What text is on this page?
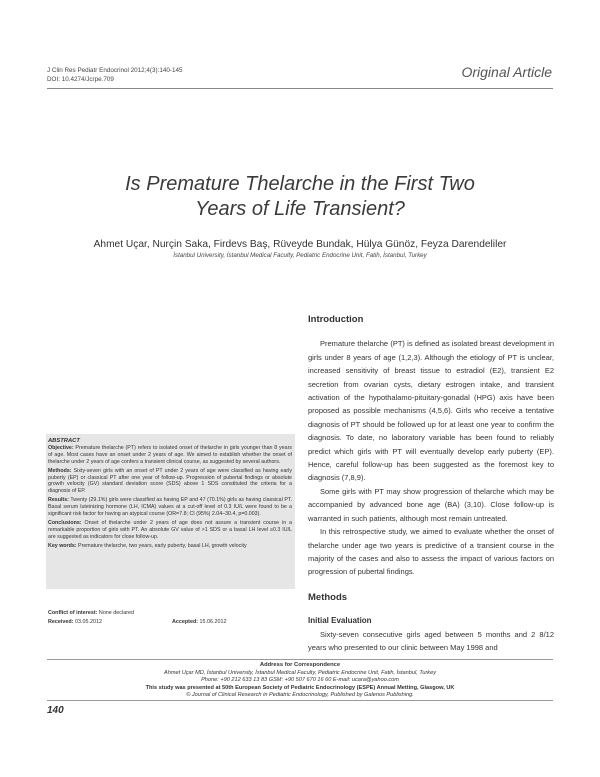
J Clin Res Pediatr Endocrinol 2012;4(3):140-145
DOI: 10.4274/Jcrpe.709	Original Article
Is Premature Thelarche in the First Two
Years of Life Transient?
Ahmet Uçar, Nurçin Saka, Firdevs Baş, Rüveyde Bundak, Hülya Günöz, Feyza Darendeliler
İstanbul University, İstanbul Medical Faculty, Pediatric Endocrine Unit, Fatih, İstanbul, Turkey
Introduction

Premature thelarche (PT) is defined as isolated breast development in girls under 8 years of age (1,2,3). Although the etiology of PT is unclear, increased sensitivity of breast tissue to estradiol (E2), transient E2 secretion from ovarian cysts, dietary estrogen intake, and transient activation of the hypothalamo-pituitary-gonadal (HPG) axis have been proposed as possible mechanisms (4,5,6). Girls who receive a tentative diagnosis of PT should be followed up for at least one year to confirm the diagnosis. To date, no laboratory variable has been found to reliably predict which girls with PT will eventually develop early puberty (EP). Hence, careful follow-up has been suggested as the foremost key to diagnosis (7,8,9).

Some girls with PT may show progression of thelarche which may be accompanied by advanced bone age (BA) (3,10). Close follow-up is warranted in such patients, although most remain untreated.

In this retrospective study, we aimed to evaluate whether the onset of thelarche under age two years is predictive of a transient course in the majority of the cases and also to assess the impact of various factors on progression of pubertal findings.

Methods
Initial Evaluation

Sixty-seven consecutive girls aged between 5 months and 2 8/12 years who presented to our clinic between May 1998 and

ABSTRACT

Objective: Premature thelarche (PT) refers to isolated onset of thelarche in girls younger than 8 years of age. Most cases have an onset under 2 years of age. We aimed to establish whether the onset of thelarche under 2 years of age confers a transient clinical course, as suggested by several authors.

Methods: Sixty-seven girls with an onset of PT under 2 years of age were classified as having early puberty (EP) or classical PT after one year of follow-up. Progression of pubertal findings or absolute growth velocity (GV) standard deviation score (SDS) above 1 SDS constituted the criteria for a diagnosis of EP.

Results: Twenty (29.1%) girls were classified as having EP and 47 (70.1%) girls as having classical PT. Basal serum luteinizing hormone (LH, ICMA) values at a cut-off level of 0.3 IU/L were found to be a significant risk factor for having an atypical course (OR=7.8; CI (95%) 2.04–30.4, p=0.003).

Conclusions: Onset of thelarche under 2 years of age does not assure a transient course in a remarkable proportion of girls with PT. An absolute GV value of >1 SDS or a basal LH level ≥0.3 IU/L are suggested as indicators for close follow-up.

Key words: Premature thelarche, two years, early puberty, basal LH, growth velocity

Conflict of interest: None declared
Received: 03.05.2012	Accepted: 15.06.2012
Address for Correspondence
Ahmet Uçar MD, İstanbul University, İstanbul Medical Faculty, Pediatric Endocrine Unit, Fatih, İstanbul, Turkey
Phone: +90 212 633 13 83 GSM: +90 507 670 16 60 E-mail: ucara@yahoo.com
This study was presented at 50th European Society of Pediatric Endocrinology (ESPE) Annual Metting, Glasgow, UK
© Journal of Clinical Research in Pediatric Endocrinology, Published by Galenos Publishing.
140
